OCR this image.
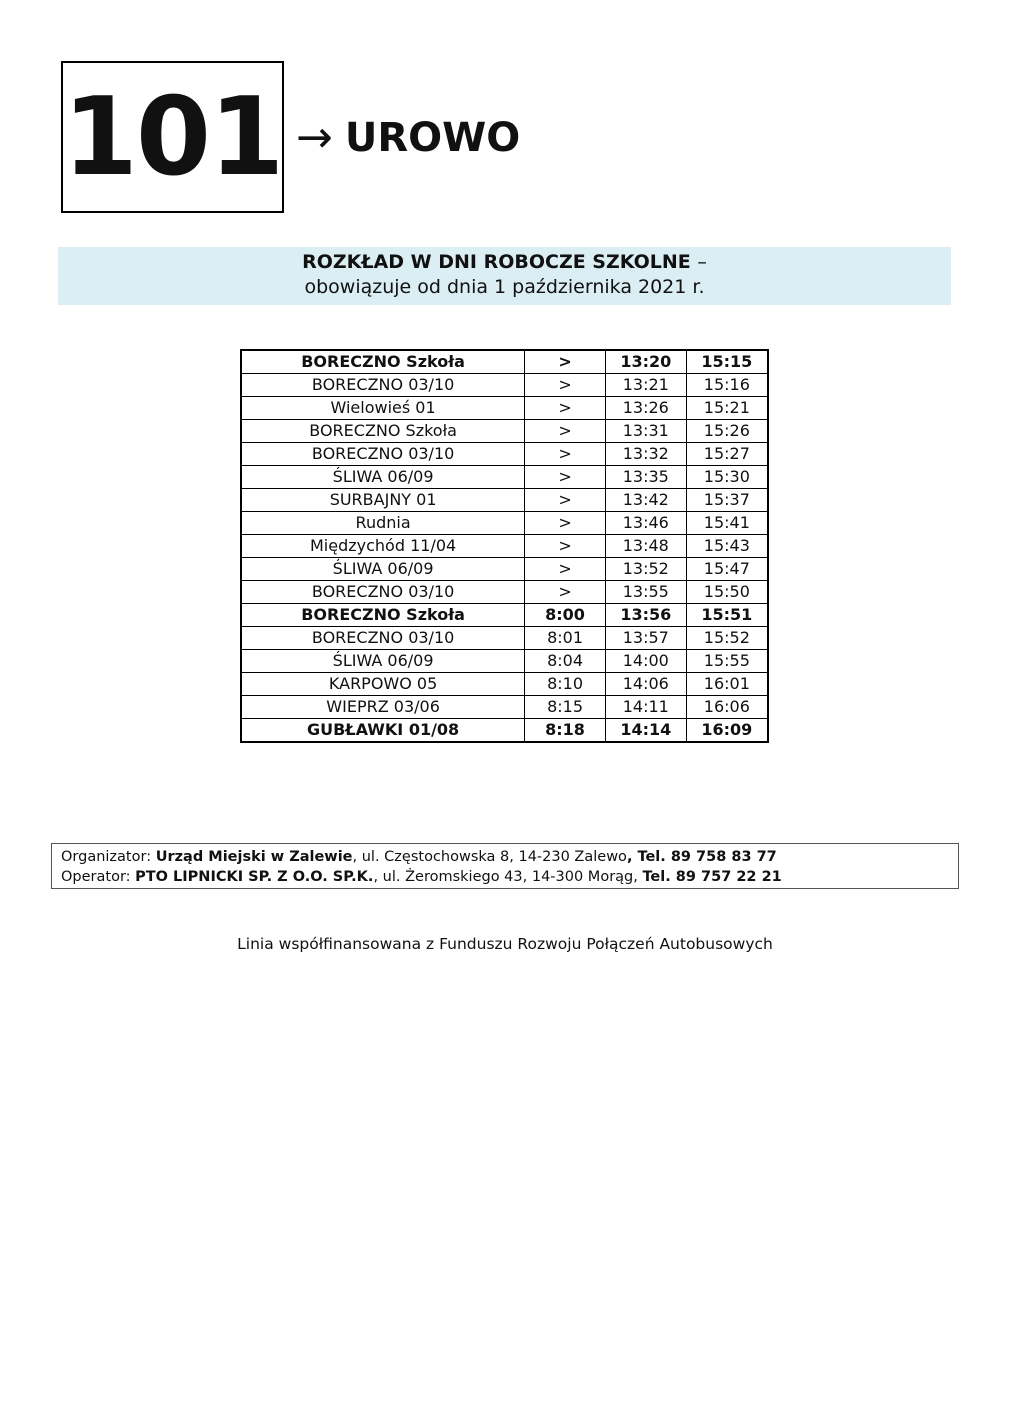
101 → UROWO
ROZKŁAD W DNI ROBOCZE SZKOLNE –
obowiązuje od dnia 1 października 2021 r.
BORECZNO Szkoła	>	13:20	15:15
BORECZNO 03/10	>	13:21	15:16
Wielowieś 01	>	13:26	15:21
BORECZNO Szkoła	>	13:31	15:26
BORECZNO 03/10	>	13:32	15:27
ŚLIWA 06/09	>	13:35	15:30
SURBAJNY 01	>	13:42	15:37
Rudnia	>	13:46	15:41
Międzychód 11/04	>	13:48	15:43
ŚLIWA 06/09	>	13:52	15:47
BORECZNO 03/10	>	13:55	15:50
BORECZNO Szkoła	8:00	13:56	15:51
BORECZNO 03/10	8:01	13:57	15:52
ŚLIWA 06/09	8:04	14:00	15:55
KARPOWO 05	8:10	14:06	16:01
WIEPRZ 03/06	8:15	14:11	16:06
GUBŁAWKI 01/08	8:18	14:14	16:09
Organizator: Urząd Miejski w Zalewie, ul. Częstochowska 8, 14-230 Zalewo, Tel. 89 758 83 77
Operator: PTO LIPNICKI SP. Z O.O. SP.K., ul. Żeromskiego 43, 14-300 Morąg, Tel. 89 757 22 21
Linia współfinansowana z Funduszu Rozwoju Połączeń Autobusowych
